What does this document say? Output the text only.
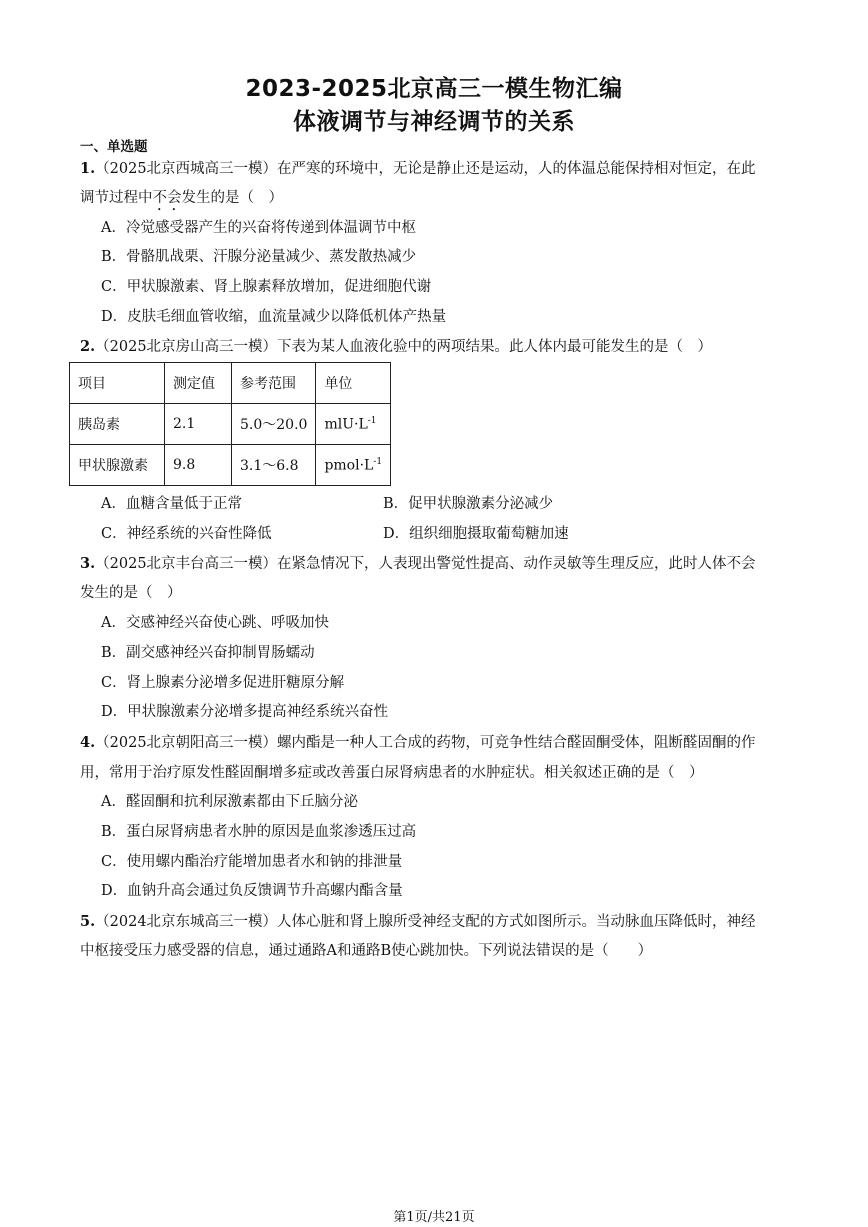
2023-2025北京高三一模生物汇编
体液调节与神经调节的关系
一、单选题
1.（2025北京西城高三一模）在严寒的环境中，无论是静止还是运动，人的体温总能保持相对恒定，在此
调节过程中不会发生的是（　）
A．冷觉感受器产生的兴奋将传递到体温调节中枢
B．骨骼肌战栗、汗腺分泌量减少、蒸发散热减少
C．甲状腺激素、肾上腺素释放增加，促进细胞代谢
D．皮肤毛细血管收缩，血流量减少以降低机体产热量
2.（2025北京房山高三一模）下表为某人血液化验中的两项结果。此人体内最可能发生的是（　）
项目	测定值	参考范围	单位
胰岛素	2.1	5.0～20.0	$mlU\cdot L^{-1}$
甲状腺激素	9.8	3.1～6.8	$pmol\cdot L^{-1}$
A．血糖含量低于正常	B．促甲状腺激素分泌减少
C．神经系统的兴奋性降低	D．组织细胞摄取葡萄糖加速
3.（2025北京丰台高三一模）在紧急情况下，人表现出警觉性提高、动作灵敏等生理反应，此时人体不会
发生的是（　）
A．交感神经兴奋使心跳、呼吸加快
B．副交感神经兴奋抑制胃肠蠕动
C．肾上腺素分泌增多促进肝糖原分解
D．甲状腺激素分泌增多提高神经系统兴奋性
4.（2025北京朝阳高三一模）螺内酯是一种人工合成的药物，可竞争性结合醛固酮受体，阻断醛固酮的作
用，常用于治疗原发性醛固酮增多症或改善蛋白尿肾病患者的水肿症状。相关叙述正确的是（　）
A．醛固酮和抗利尿激素都由下丘脑分泌
B．蛋白尿肾病患者水肿的原因是血浆渗透压过高
C．使用螺内酯治疗能增加患者水和钠的排泄量
D．血钠升高会通过负反馈调节升高螺内酯含量
5.（2024北京东城高三一模）人体心脏和肾上腺所受神经支配的方式如图所示。当动脉血压降低时，神经
中枢接受压力感受器的信息，通过通路A和通路B使心跳加快。下列说法错误的是（　　）
第1页/共21页
